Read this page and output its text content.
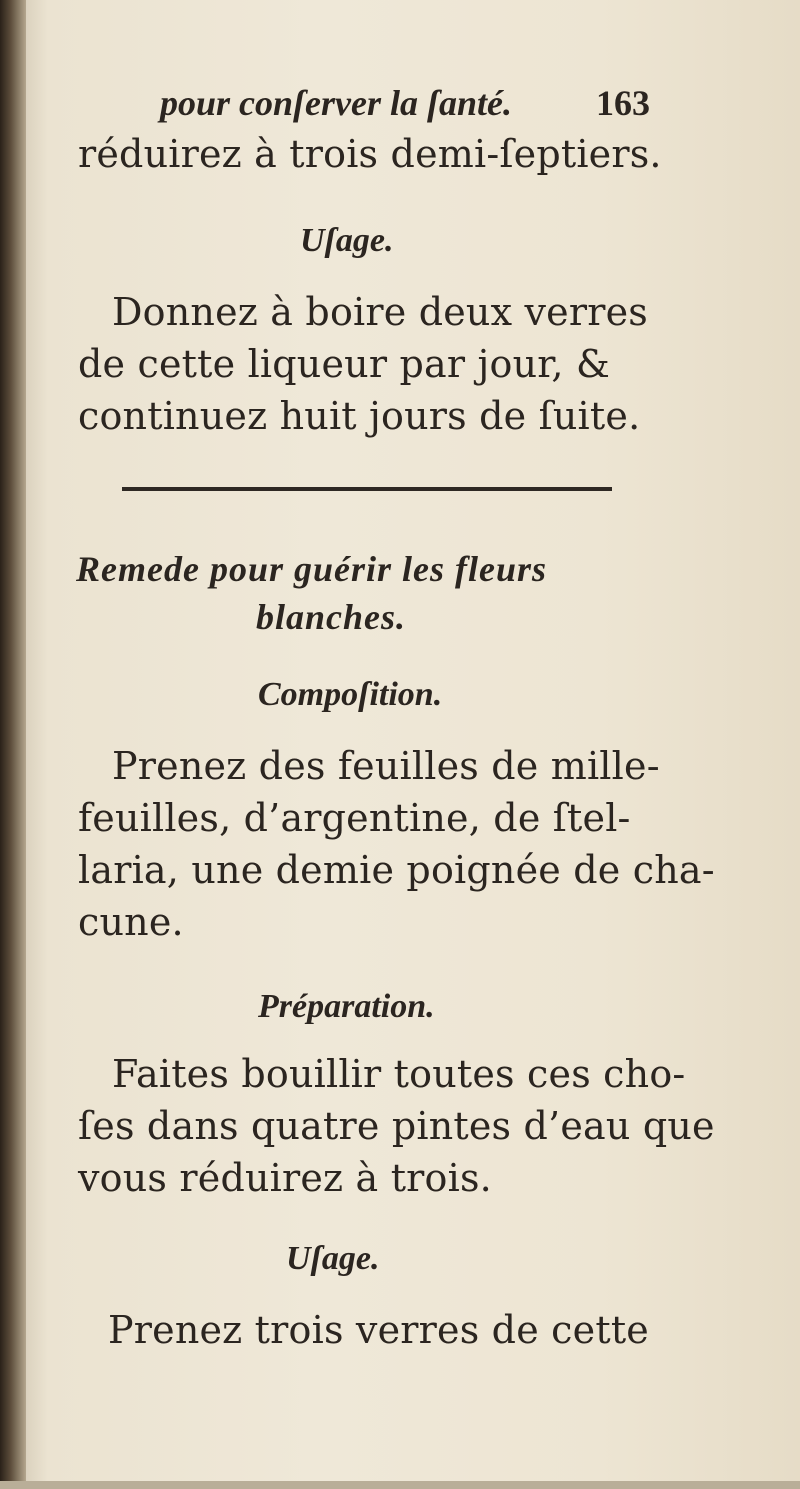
pour conſerver la ſanté. 163

réduirez à trois demi-ſeptiers.

Uſage.

Donnez à boire deux verres

de cette liqueur par jour, &

continuez huit jours de ſuite.

Remede pour guérir les fleurs

blanches.

Compoſition.

Prenez des feuilles de mille-

feuilles, d’argentine, de ſtel-

laria, une demie poignée de cha-

cune.

Préparation.

Faites bouillir toutes ces cho-

ſes dans quatre pintes d’eau que

vous réduirez à trois.

Uſage.

Prenez trois verres de cette
